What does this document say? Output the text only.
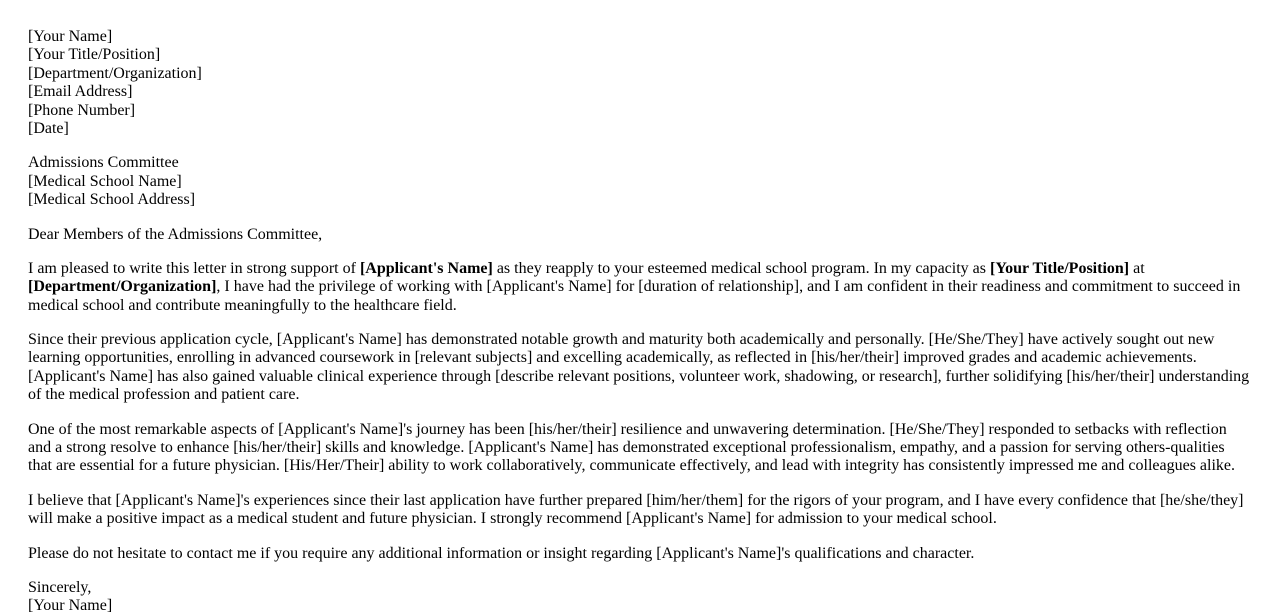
[Your Name]
[Your Title/Position]
[Department/Organization]
[Email Address]
[Phone Number]
[Date]

Admissions Committee
[Medical School Name]
[Medical School Address]

Dear Members of the Admissions Committee,

I am pleased to write this letter in strong support of [Applicant's Name] as they reapply to your esteemed medical school program. In my capacity as [Your Title/Position] at [Department/Organization], I have had the privilege of working with [Applicant's Name] for [duration of relationship], and I am confident in their readiness and commitment to succeed in medical school and contribute meaningfully to the healthcare field.

Since their previous application cycle, [Applicant's Name] has demonstrated notable growth and maturity both academically and personally. [He/She/They] have actively sought out new learning opportunities, enrolling in advanced coursework in [relevant subjects] and excelling academically, as reflected in [his/her/their] improved grades and academic achievements. [Applicant's Name] has also gained valuable clinical experience through [describe relevant positions, volunteer work, shadowing, or research], further solidifying [his/her/their] understanding of the medical profession and patient care.

One of the most remarkable aspects of [Applicant's Name]'s journey has been [his/her/their] resilience and unwavering determination. [He/She/They] responded to setbacks with reflection and a strong resolve to enhance [his/her/their] skills and knowledge. [Applicant's Name] has demonstrated exceptional professionalism, empathy, and a passion for serving others-qualities that are essential for a future physician. [His/Her/Their] ability to work collaboratively, communicate effectively, and lead with integrity has consistently impressed me and colleagues alike.

I believe that [Applicant's Name]'s experiences since their last application have further prepared [him/her/them] for the rigors of your program, and I have every confidence that [he/she/they] will make a positive impact as a medical student and future physician. I strongly recommend [Applicant's Name] for admission to your medical school.

Please do not hesitate to contact me if you require any additional information or insight regarding [Applicant's Name]'s qualifications and character.

Sincerely,
[Your Name]
